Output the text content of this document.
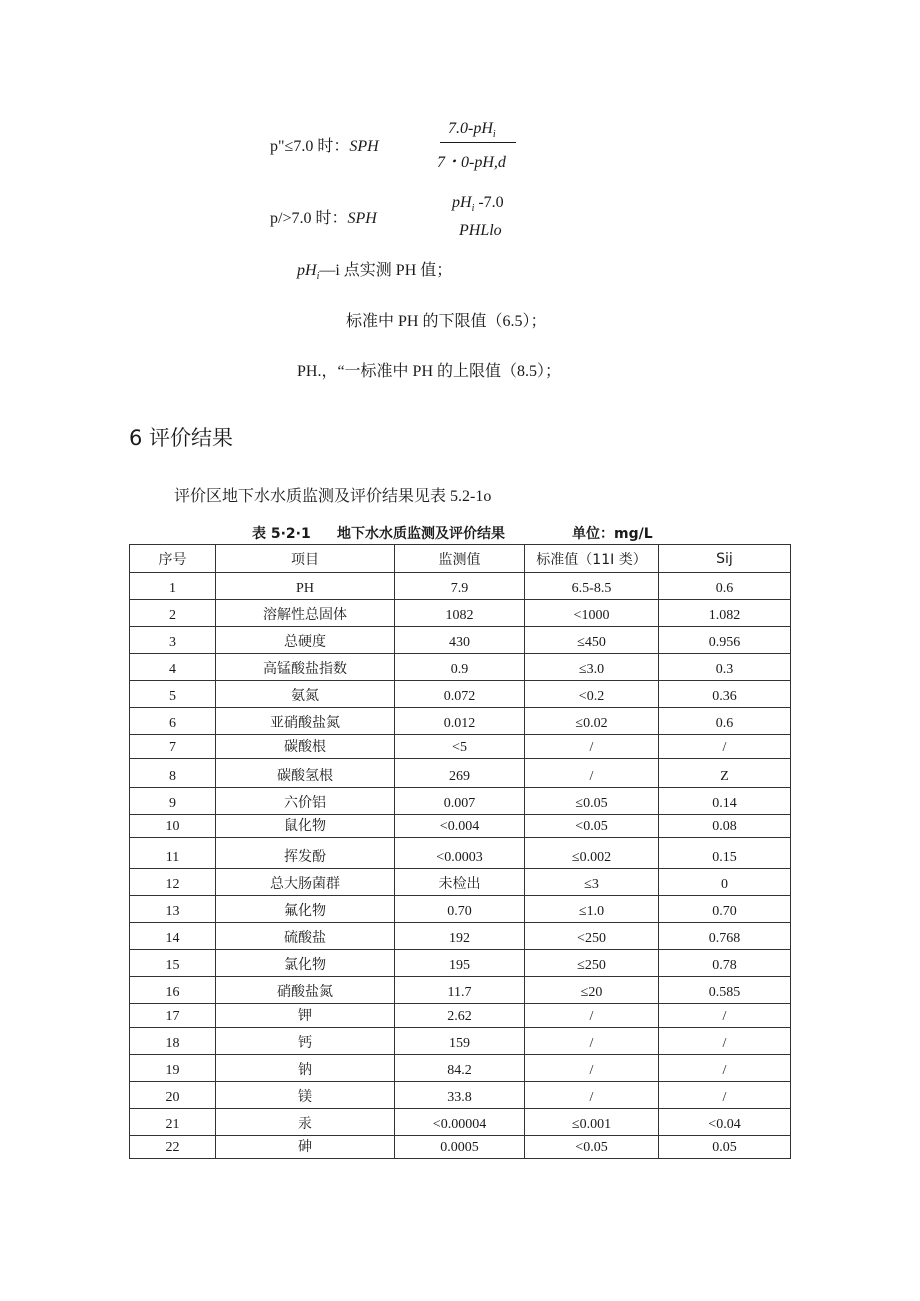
p"≤7.0 时：SPH
$7.0-pH_i$
7・0-pH,d
p/>7.0 时：SPH
$pH_i$ -7.0
PHLlo
$pH_i—i$ 点实测 PH 值；
标准中 PH 的下限值（6.5）；
PH.，“一标准中 PH 的上限值（8.5）；
6 评价结果
评价区地下水水质监测及评价结果见表 5.2-1o
表 5·2·1 地下水水质监测及评价结果	单位：mg/L
序号	项目	监测值	标准值（11I 类）	Sij
1	PH	7.9	6.5-8.5	0.6
2	溶解性总固体	1082	<1000	1.082
3	总硬度	430	≤450	0.956
4	高锰酸盐指数	0.9	≤3.0	0.3
5	氨氮	0.072	<0.2	0.36
6	亚硝酸盐氮	0.012	≤0.02	0.6
7	碳酸根	<5	/	/
8	碳酸氢根	269	/	Z
9	六价铝	0.007	≤0.05	0.14
10	鼠化物	<0.004	<0.05	0.08
11	挥发酚	<0.0003	≤0.002	0.15
12	总大肠菌群	未检出	≤3	0
13	氟化物	0.70	≤1.0	0.70
14	硫酸盐	192	<250	0.768
15	氯化物	195	≤250	0.78
16	硝酸盐氮	11.7	≤20	0.585
17	钾	2.62	/	/
18	钙	159	/	/
19	钠	84.2	/	/
20	镁	33.8	/	/
21	汞	<0.00004	≤0.001	<0.04
22	砷	0.0005	<0.05	0.05
